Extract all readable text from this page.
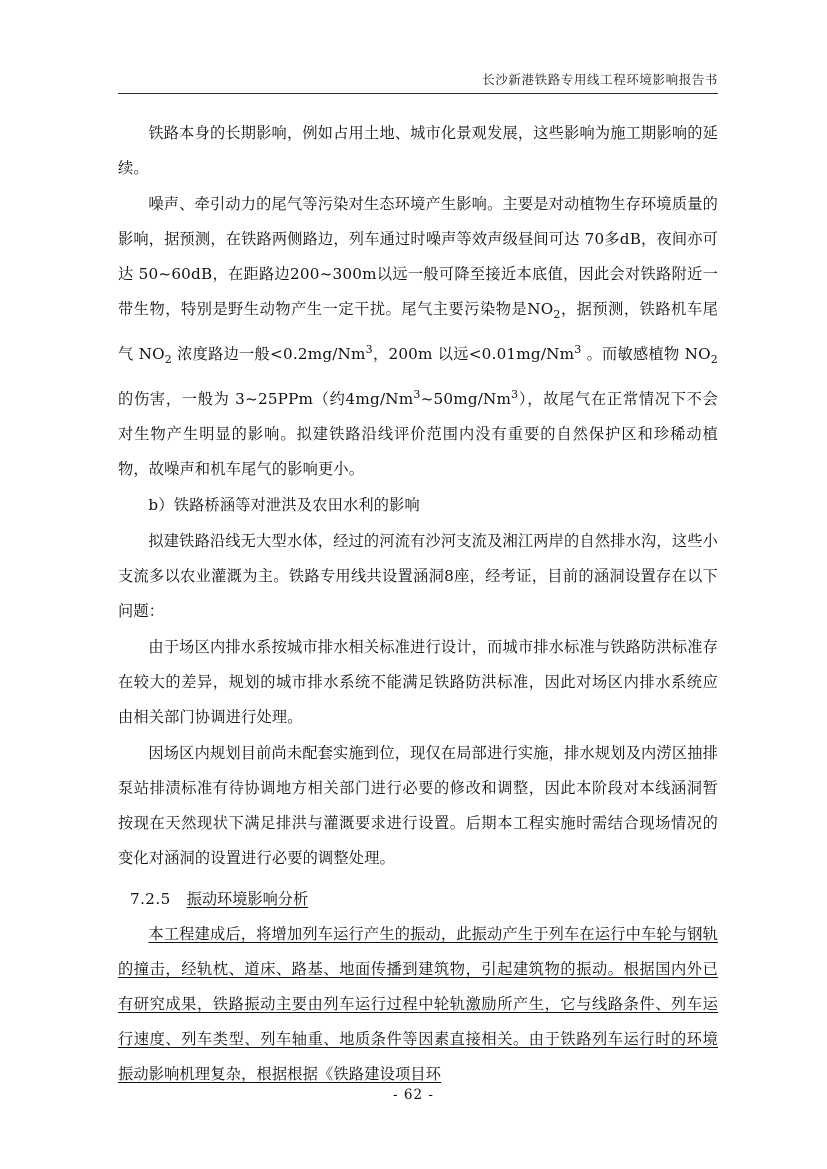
长沙新港铁路专用线工程环境影响报告书

铁路本身的长期影响，例如占用土地、城市化景观发展，这些影响为施工期影响的延续。

噪声、牵引动力的尾气等污染对生态环境产生影响。主要是对动植物生存环境质量的影响，据预测，在铁路两侧路边，列车通过时噪声等效声级昼间可达 70多dB，夜间亦可达 50~60dB，在距路边200~300m以远一般可降至接近本底值，因此会对铁路附近一带生物，特别是野生动物产生一定干扰。尾气主要污染物是$NO_2$，据预测，铁路机车尾气 $NO_2$ 浓度路边一般$<0.2mg/Nm^3$，200m 以远$<0.01mg/Nm^3$ 。而敏感植物 $NO_2$ 的伤害，一般为 3~25PPm（约4mg/Nm$^3$~50mg/Nm$^3$），故尾气在正常情况下不会对生物产生明显的影响。拟建铁路沿线评价范围内没有重要的自然保护区和珍稀动植物，故噪声和机车尾气的影响更小。

b）铁路桥涵等对泄洪及农田水利的影响

拟建铁路沿线无大型水体，经过的河流有沙河支流及湘江两岸的自然排水沟，这些小支流多以农业灌溉为主。铁路专用线共设置涵洞8座，经考证，目前的涵洞设置存在以下问题：

由于场区内排水系按城市排水相关标准进行设计，而城市排水标准与铁路防洪标准存在较大的差异，规划的城市排水系统不能满足铁路防洪标准，因此对场区内排水系统应由相关部门协调进行处理。

因场区内规划目前尚未配套实施到位，现仅在局部进行实施，排水规划及内涝区抽排泵站排渍标准有待协调地方相关部门进行必要的修改和调整，因此本阶段对本线涵洞暂按现在天然现状下满足排洪与灌溉要求进行设置。后期本工程实施时需结合现场情况的变化对涵洞的设置进行必要的调整处理。

7.2.5 振动环境影响分析

本工程建成后，将增加列车运行产生的振动，此振动产生于列车在运行中车轮与钢轨的撞击，经轨枕、道床、路基、地面传播到建筑物，引起建筑物的振动。根据国内外已有研究成果，铁路振动主要由列车运行过程中轮轨激励所产生，它与线路条件、列车运行速度、列车类型、列车轴重、地质条件等因素直接相关。由于铁路列车运行时的环境振动影响机理复杂，根据根据《铁路建设项目环

- 62 -
